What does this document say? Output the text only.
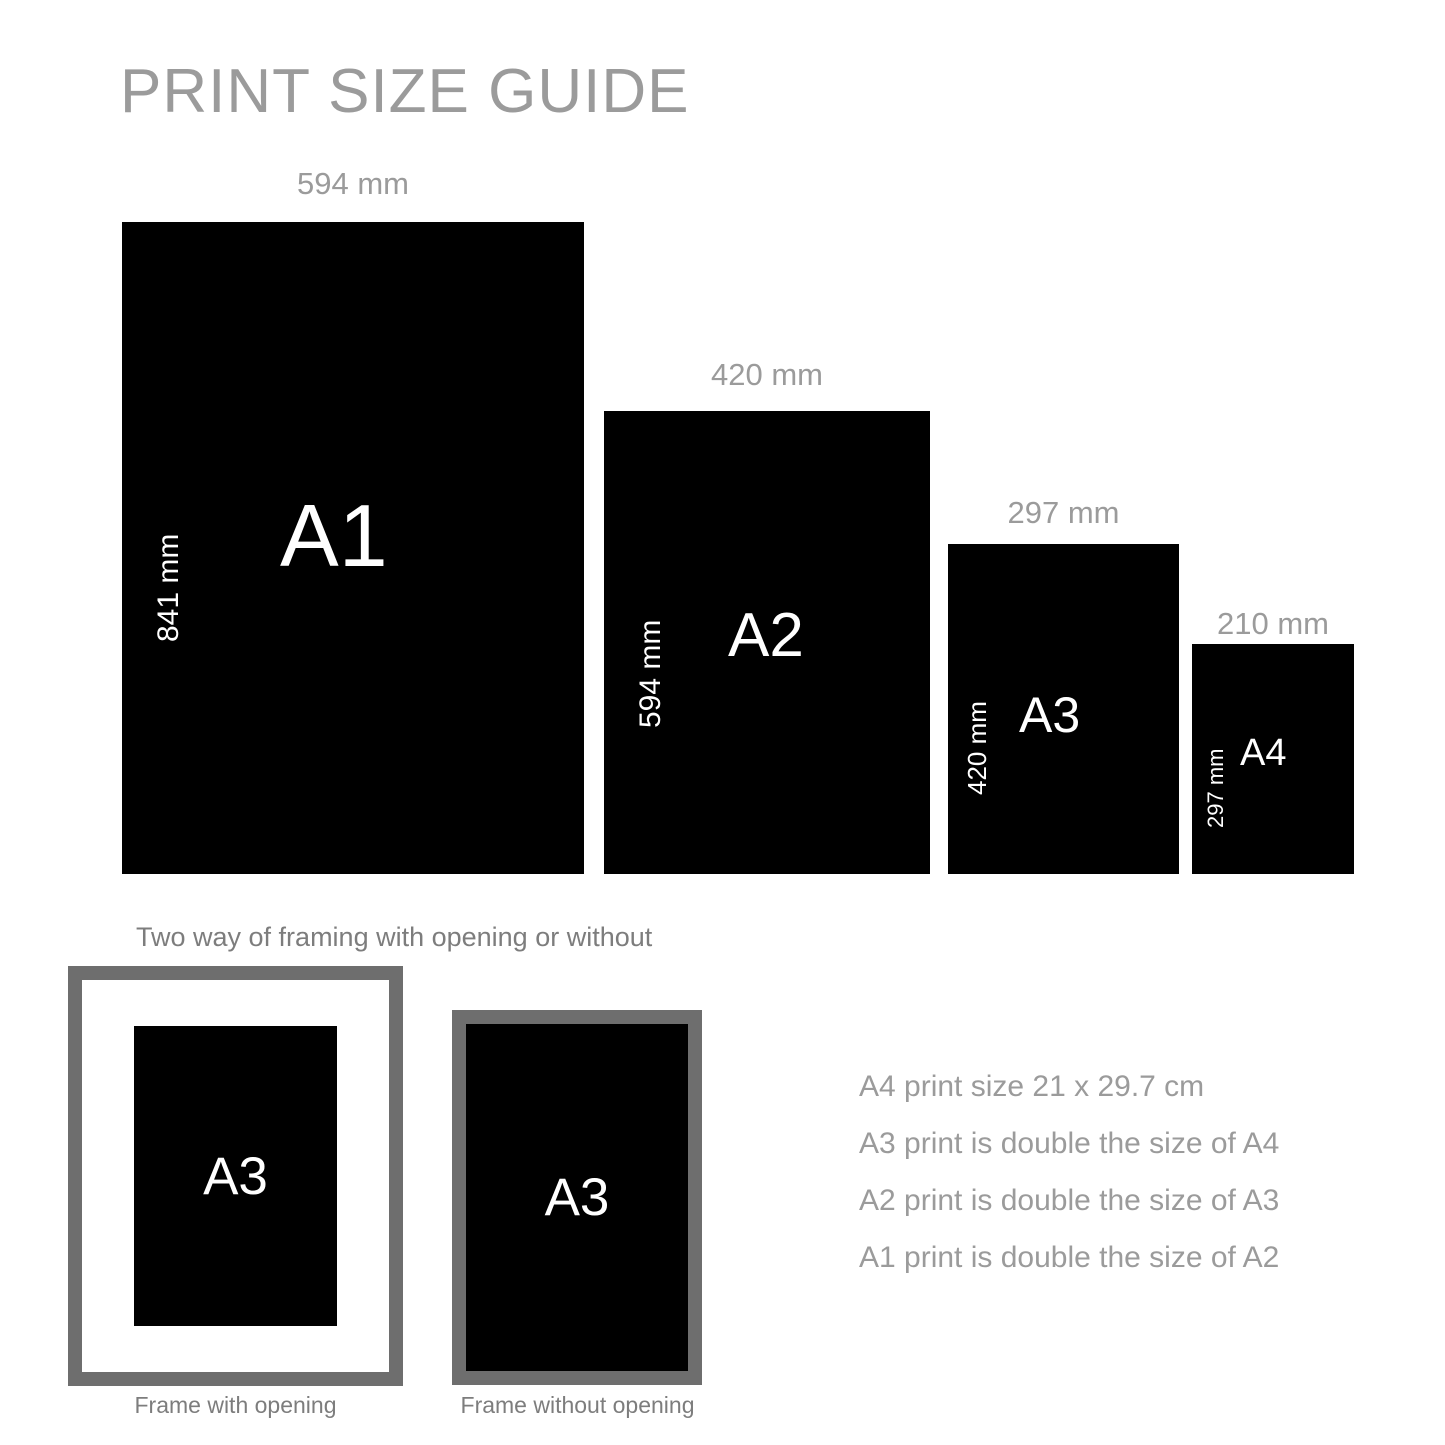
PRINT SIZE GUIDE
594 mm
A1
841 mm
420 mm
A2
594 mm
297 mm
A3
420 mm
210 mm
A4
297 mm
Two way of framing with opening or without
A3
Frame with opening
A3
Frame without opening
A4 print size 21 x 29.7 cm
A3 print is double the size of A4
A2 print is double the size of A3
A1 print is double the size of A2
